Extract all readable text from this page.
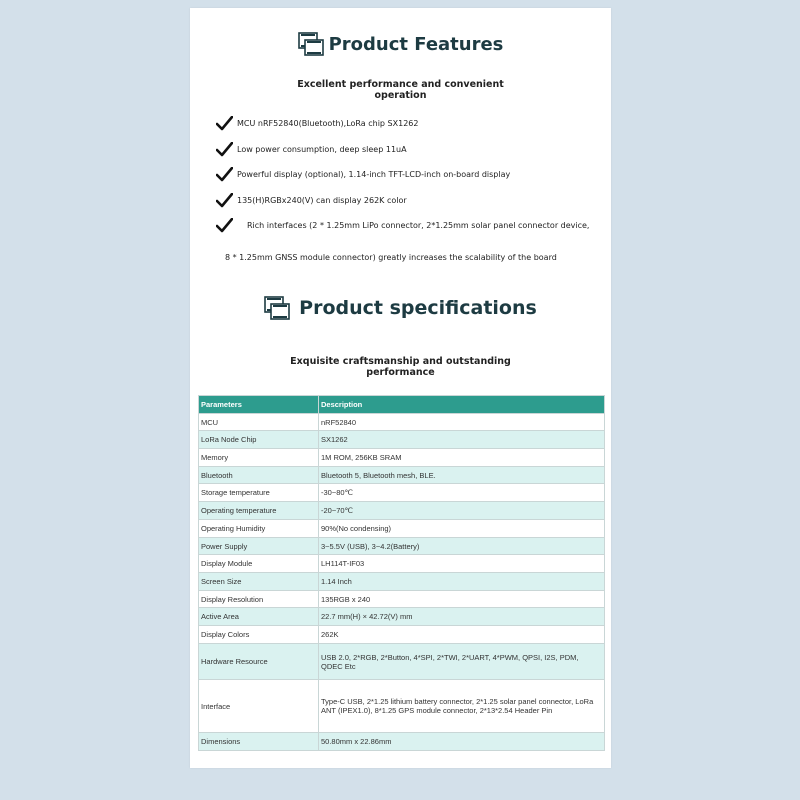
Product Features
Excellent performance and convenient
operation
MCU nRF52840(Bluetooth),LoRa chip SX1262
Low power consumption, deep sleep 11uA
Powerful display (optional), 1.14-inch TFT-LCD-inch on-board display
135(H)RGBx240(V) can display 262K color
Rich interfaces (2 * 1.25mm LiPo connector, 2*1.25mm solar panel connector device,
8 * 1.25mm GNSS module connector) greatly increases the scalability of the board
Product specifications
Exquisite craftsmanship and outstanding
performance
Parameters	Description
MCU	nRF52840
LoRa Node Chip	SX1262
Memory	1M ROM, 256KB SRAM
Bluetooth	Bluetooth 5, Bluetooth mesh, BLE.
Storage temperature	-30~80℃
Operating temperature	-20~70℃
Operating Humidity	90%(No condensing)
Power Supply	3~5.5V (USB), 3~4.2(Battery)
Display Module	LH114T-IF03
Screen Size	1.14 Inch
Display Resolution	135RGB x 240
Active Area	22.7 mm(H) × 42.72(V) mm
Display Colors	262K
Hardware Resource	USB 2.0, 2*RGB, 2*Button, 4*SPI, 2*TWI, 2*UART, 4*PWM, QPSI, I2S, PDM, QDEC Etc
Interface	Type-C USB, 2*1.25 lithium battery connector, 2*1.25 solar panel connector, LoRa ANT (IPEX1.0), 8*1.25 GPS module connector, 2*13*2.54 Header Pin
Dimensions	50.80mm x 22.86mm
